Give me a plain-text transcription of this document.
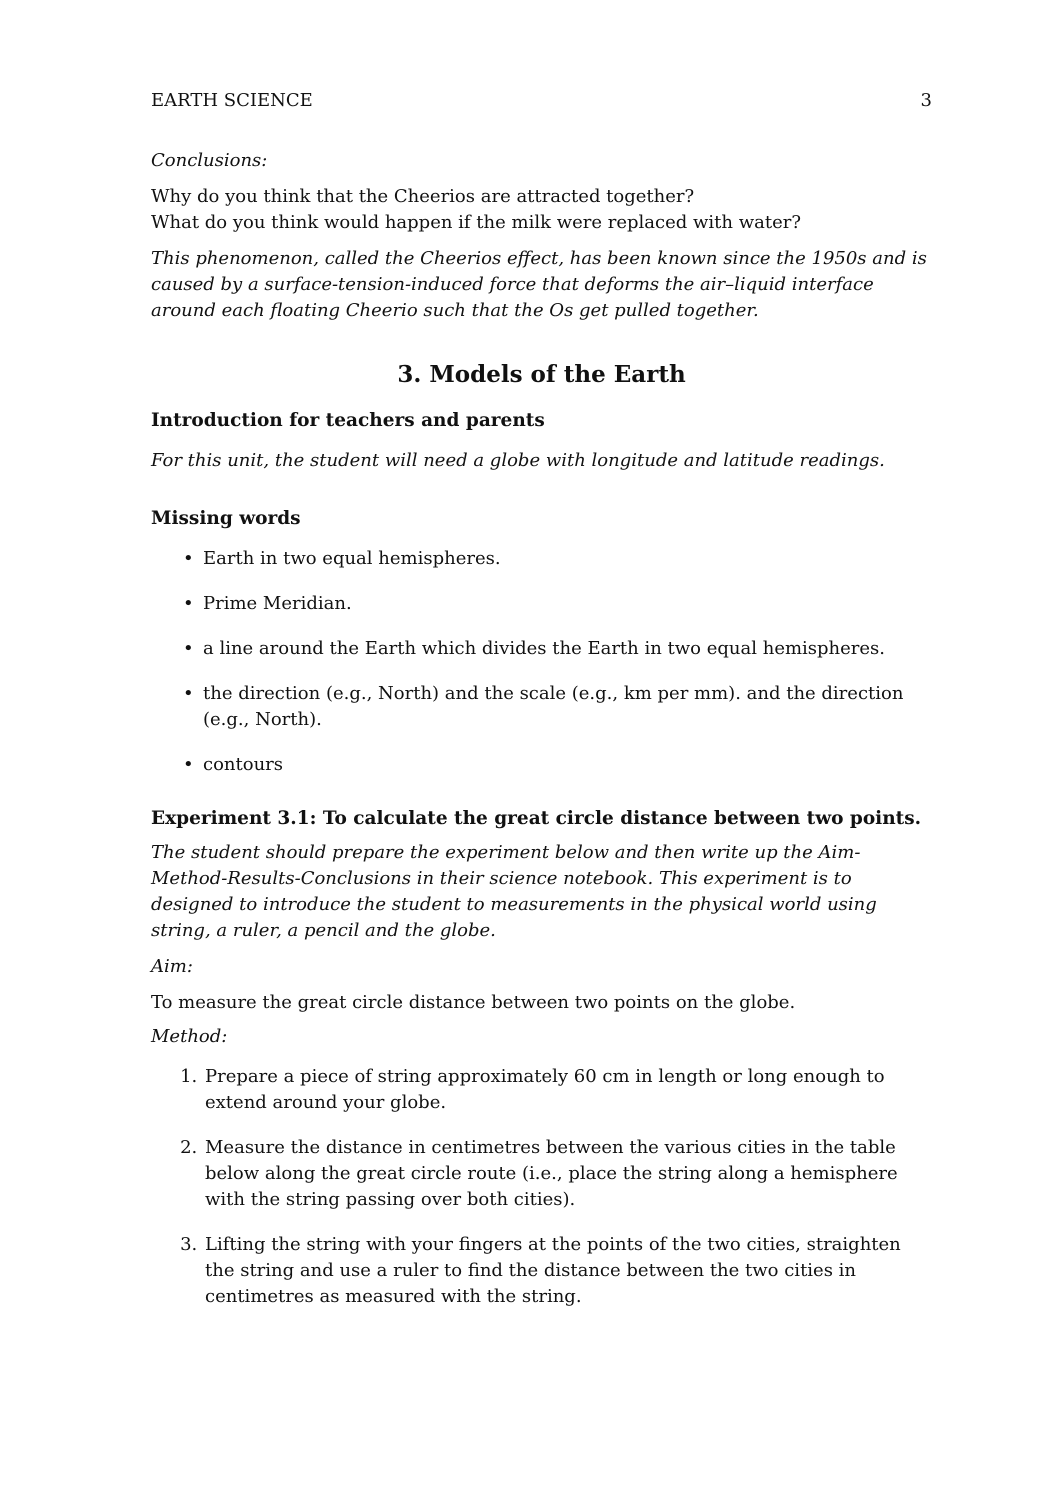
EARTH SCIENCE	3

Conclusions:

Why do you think that the Cheerios are attracted together?

What do you think would happen if the milk were replaced with water?

This phenomenon, called the Cheerios effect, has been known since the 1950s and is caused by a surface-tension-induced force that deforms the air–liquid interface around each floating Cheerio such that the Os get pulled together.

3. Models of the Earth
Introduction for teachers and parents

For this unit, the student will need a globe with longitude and latitude readings.

Missing words
• Earth in two equal hemispheres.
• Prime Meridian.
• a line around the Earth which divides the Earth in two equal hemispheres.
• the direction (e.g., North) and the scale (e.g., km per mm). and the direction (e.g., North).
• contours
Experiment 3.1: To calculate the great circle distance between two points.

The student should prepare the experiment below and then write up the Aim-Method-Results-Conclusions in their science notebook. This experiment is to designed to introduce the student to measurements in the physical world using string, a ruler, a pencil and the globe.

Aim:

To measure the great circle distance between two points on the globe.

Method:

1. Prepare a piece of string approximately 60 cm in length or long enough to extend around your globe.
2. Measure the distance in centimetres between the various cities in the table below along the great circle route (i.e., place the string along a hemisphere with the string passing over both cities).
3. Lifting the string with your fingers at the points of the two cities, straighten the string and use a ruler to find the distance between the two cities in centimetres as measured with the string.
